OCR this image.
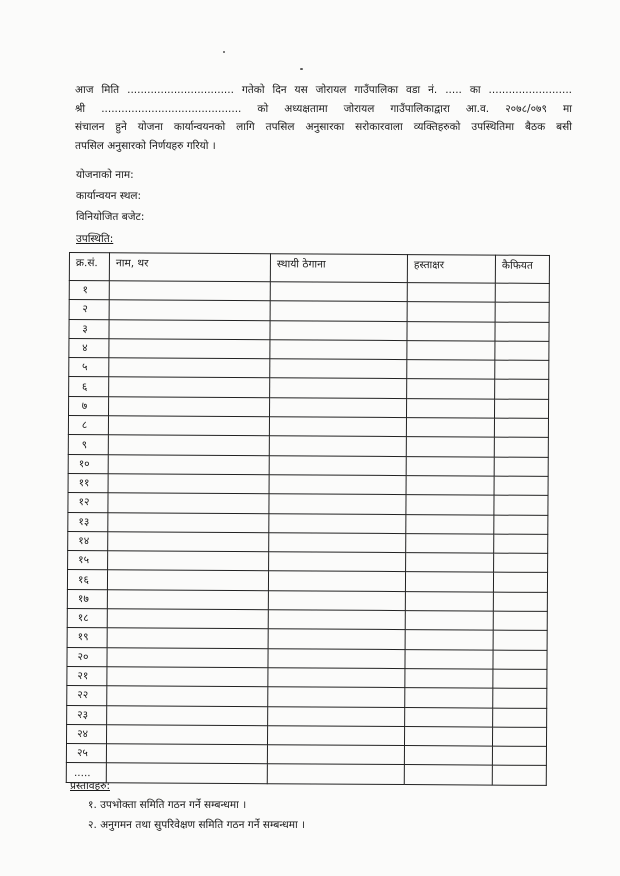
आज मिति ................................ गतेको दिन यस जोरायल गाउँपालिका वडा नं. ..... का .........................

श्री .......................................... को अध्यक्षतामा जोरायल गाउँपालिकाद्वारा आ.व. २०७८/०७९ मा

संचालन हुने योजना कार्यान्वयनको लागि तपसिल अनुसारका सरोकारवाला व्यक्तिहरुको उपस्थितिमा बैठक बसी

तपसिल अनुसारको निर्णयहरु गरियो ।

योजनाको नाम:
कार्यान्वयन स्थल:
विनियोजित बजेट:
उपस्थिति:
क्र.सं.	नाम, थर	स्थायी ठेगाना	हस्ताक्षर	कैफियत
१				
२				
३				
४				
५				
६				
७				
८				
९				
१०				
११				
१२				
१३				
१४				
१५				
१६				
१७				
१८				
१९				
२०				
२१				
२२				
२३				
२४				
२५				
.....				
प्रस्तावहरु:
१. उपभोक्ता समिति गठन गर्ने सम्बन्धमा ।
२. अनुगमन तथा सुपरिवेक्षण समिति गठन गर्ने सम्बन्धमा ।
